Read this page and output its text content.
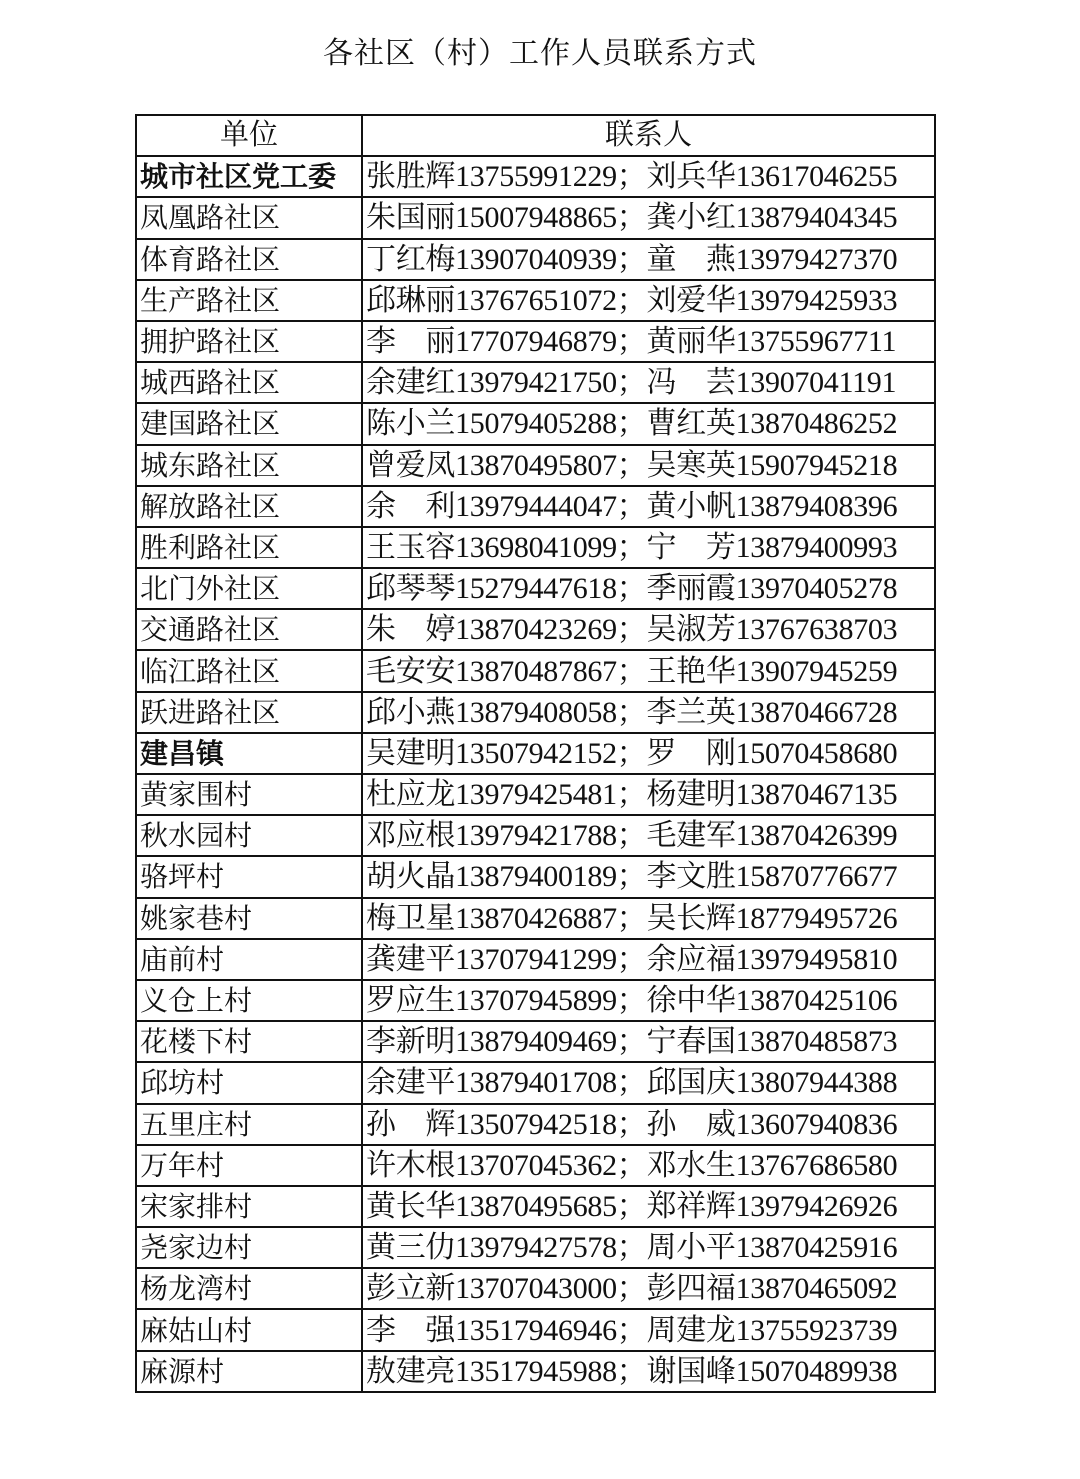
各社区（村）工作人员联系方式
单位	联系人
城市社区党工委	张胜辉13755991229；刘兵华13617046255
凤凰路社区	朱国丽15007948865；龚小红13879404345
体育路社区	丁红梅13907040939；童　燕13979427370
生产路社区	邱琳丽13767651072；刘爱华13979425933
拥护路社区	李　丽17707946879；黄丽华13755967711
城西路社区	余建红13979421750；冯　芸13907041191
建国路社区	陈小兰15079405288；曹红英13870486252
城东路社区	曾爱凤13870495807；吴寒英15907945218
解放路社区	余　利13979444047；黄小帆13879408396
胜利路社区	王玉容13698041099；宁　芳13879400993
北门外社区	邱琴琴15279447618；季丽霞13970405278
交通路社区	朱　婷13870423269；吴淑芳13767638703
临江路社区	毛安安13870487867；王艳华13907945259
跃进路社区	邱小燕13879408058；李兰英13870466728
建昌镇	吴建明13507942152；罗　刚15070458680
黄家围村	杜应龙13979425481；杨建明13870467135
秋水园村	邓应根13979421788；毛建军13870426399
骆坪村	胡火晶13879400189；李文胜15870776677
姚家巷村	梅卫星13870426887；吴长辉18779495726
庙前村	龚建平13707941299；余应福13979495810
义仓上村	罗应生13707945899；徐中华13870425106
花楼下村	李新明13879409469；宁春国13870485873
邱坊村	余建平13879401708；邱国庆13807944388
五里庄村	孙　辉13507942518；孙　威13607940836
万年村	许木根13707045362；邓水生13767686580
宋家排村	黄长华13870495685；郑祥辉13979426926
尧家边村	黄三仂13979427578；周小平13870425916
杨龙湾村	彭立新13707043000；彭四福13870465092
麻姑山村	李　强13517946946；周建龙13755923739
麻源村	敖建亮13517945988；谢国峰15070489938
